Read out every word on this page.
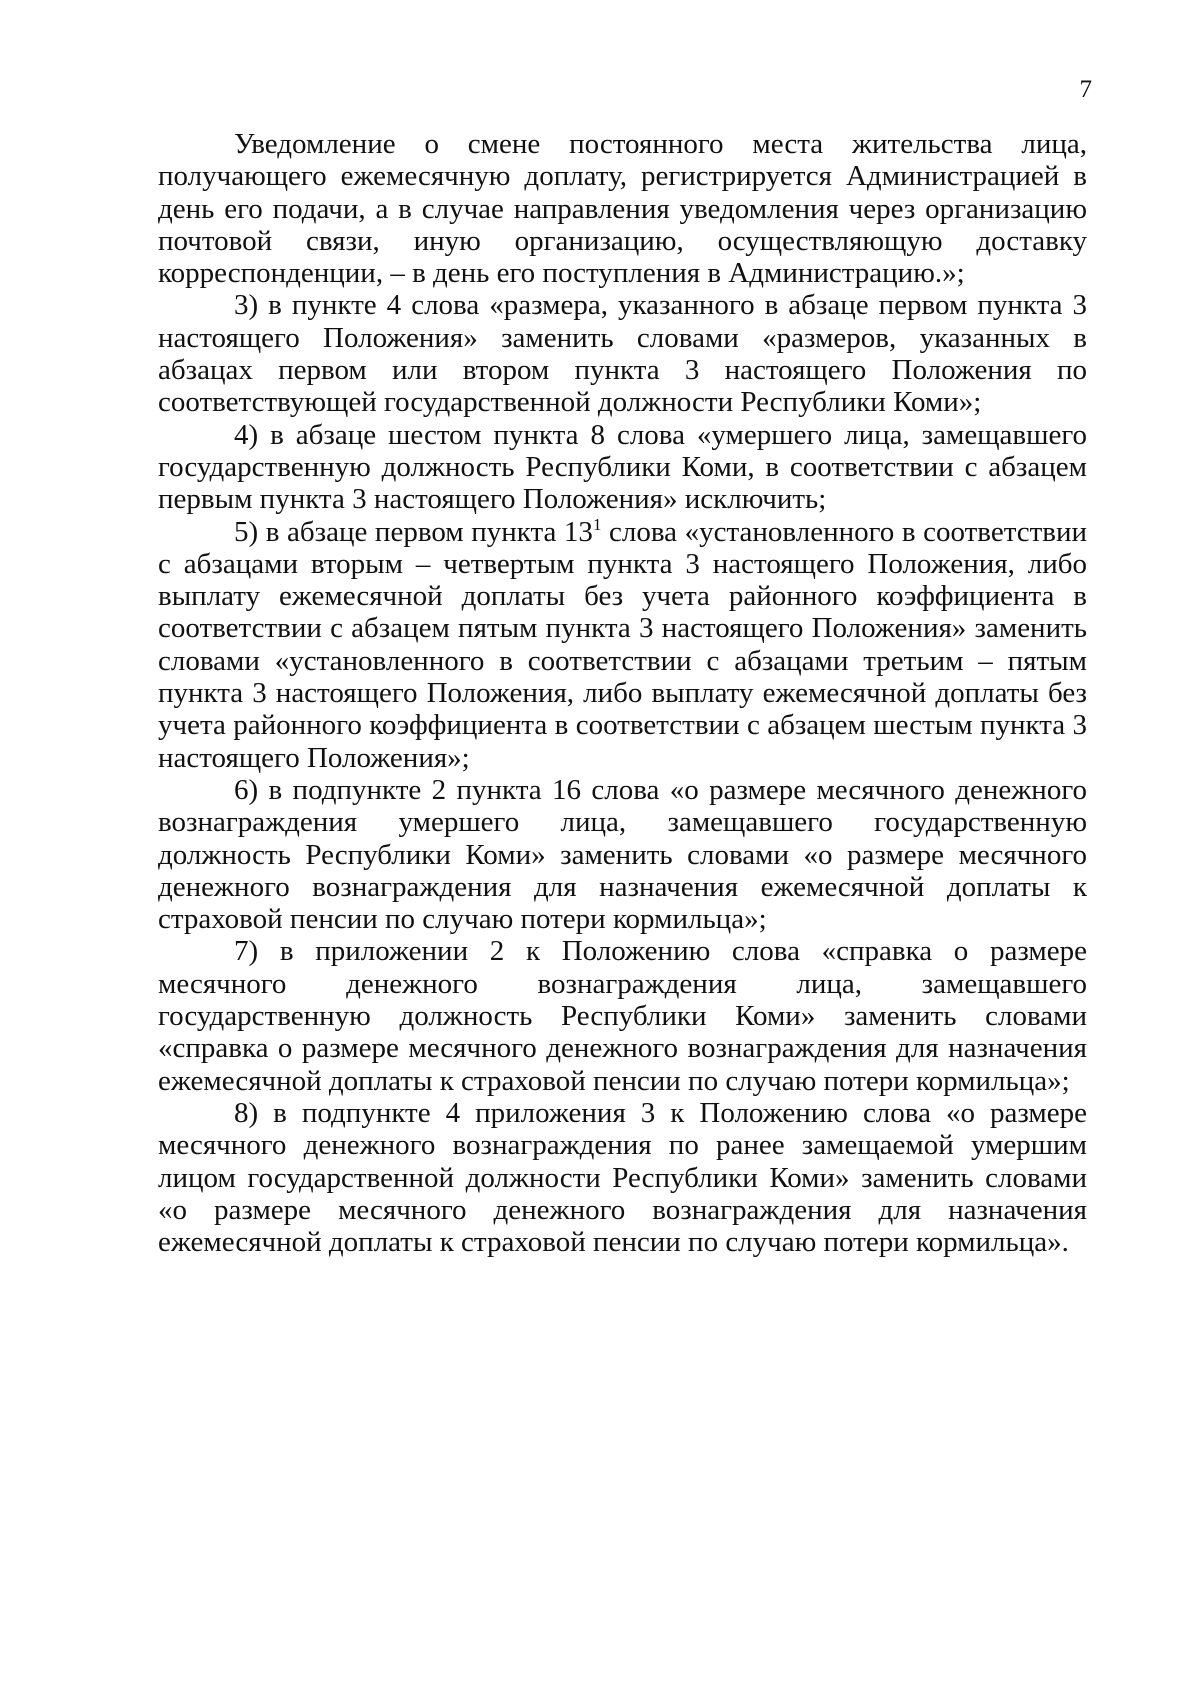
7

Уведомление о смене постоянного места жительства лица, получающего ежемесячную доплату, регистрируется Администрацией в день его подачи, а в случае направления уведомления через организацию почтовой связи, иную организацию, осуществляющую доставку корреспонденции, – в день его поступления в Администрацию.»;

3) в пункте 4 слова «размера, указанного в абзаце первом пункта 3 настоящего Положения» заменить словами «размеров, указанных в абзацах первом или втором пункта 3 настоящего Положения по соответствующей государственной должности Республики Коми»;

4) в абзаце шестом пункта 8 слова «умершего лица, замещавшего государственную должность Республики Коми, в соответствии с абзацем первым пункта 3 настоящего Положения» исключить;

5) в абзаце первом пункта $13^1$ слова «установленного в соответствии с абзацами вторым – четвертым пункта 3 настоящего Положения, либо выплату ежемесячной доплаты без учета районного коэффициента в соответствии с абзацем пятым пункта 3 настоящего Положения» заменить словами «установленного в соответствии с абзацами третьим – пятым пункта 3 настоящего Положения, либо выплату ежемесячной доплаты без учета районного коэффициента в соответствии с абзацем шестым пункта 3 настоящего Положения»;

6) в подпункте 2 пункта 16 слова «о размере месячного денежного вознаграждения умершего лица, замещавшего государственную должность Республики Коми» заменить словами «о размере месячного денежного вознаграждения для назначения ежемесячной доплаты к страховой пенсии по случаю потери кормильца»;

7) в приложении 2 к Положению слова «справка о размере месячного денежного вознаграждения лица, замещавшего государственную должность Республики Коми» заменить словами «справка о размере месячного денежного вознаграждения для назначения ежемесячной доплаты к страховой пенсии по случаю потери кормильца»;

8) в подпункте 4 приложения 3 к Положению слова «о размере месячного денежного вознаграждения по ранее замещаемой умершим лицом государственной должности Республики Коми» заменить словами «о размере месячного денежного вознаграждения для назначения ежемесячной доплаты к страховой пенсии по случаю потери кормильца».
